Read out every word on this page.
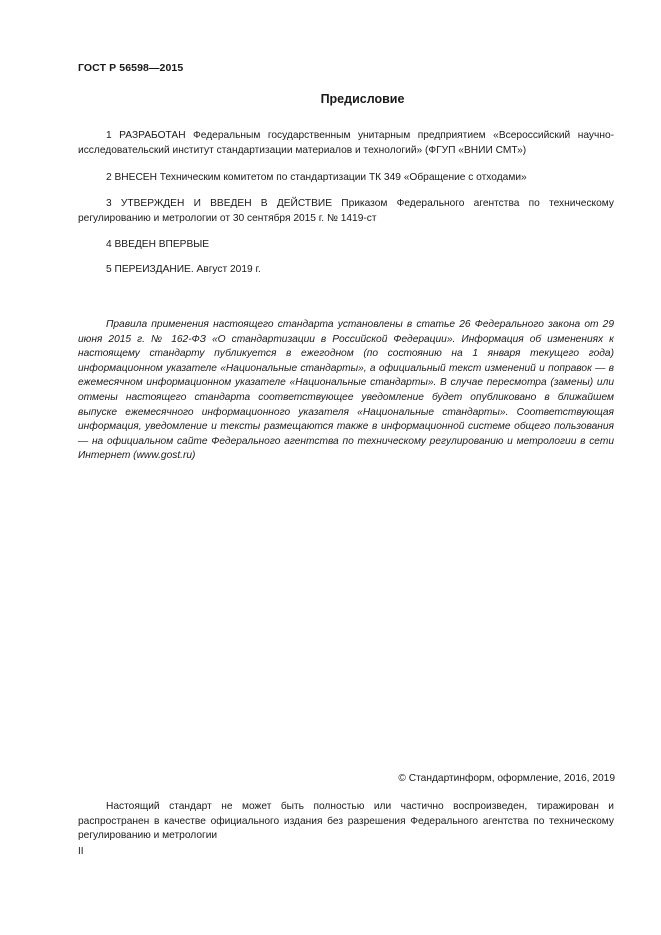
ГОСТ Р 56598—2015
Предисловие

1 РАЗРАБОТАН Федеральным государственным унитарным предприятием «Всероссийский научно-исследовательский институт стандартизации материалов и технологий» (ФГУП «ВНИИ СМТ»)

2 ВНЕСЕН Техническим комитетом по стандартизации ТК 349 «Обращение с отходами»

3 УТВЕРЖДЕН И ВВЕДЕН В ДЕЙСТВИЕ Приказом Федерального агентства по техническому регулированию и метрологии от 30 сентября 2015 г. № 1419-ст

4 ВВЕДЕН ВПЕРВЫЕ

5 ПЕРЕИЗДАНИЕ. Август 2019 г.

Правила применения настоящего стандарта установлены в статье 26 Федерального закона от 29 июня 2015 г. № 162-ФЗ «О стандартизации в Российской Федерации». Информация об изменениях к настоящему стандарту публикуется в ежегодном (по состоянию на 1 января текущего года) информационном указателе «Национальные стандарты», а официальный текст изменений и поправок — в ежемесячном информационном указателе «Национальные стандарты». В случае пересмотра (замены) или отмены настоящего стандарта соответствующее уведомление будет опубликовано в ближайшем выпуске ежемесячного информационного указателя «Национальные стандарты». Соответствующая информация, уведомление и тексты размещаются также в информационной системе общего пользования — на официальном сайте Федерального агентства по техническому регулированию и метрологии в сети Интернет (www.gost.ru)

© Стандартинформ, оформление, 2016, 2019

Настоящий стандарт не может быть полностью или частично воспроизведен, тиражирован и распространен в качестве официального издания без разрешения Федерального агентства по техническому регулированию и метрологии

II
